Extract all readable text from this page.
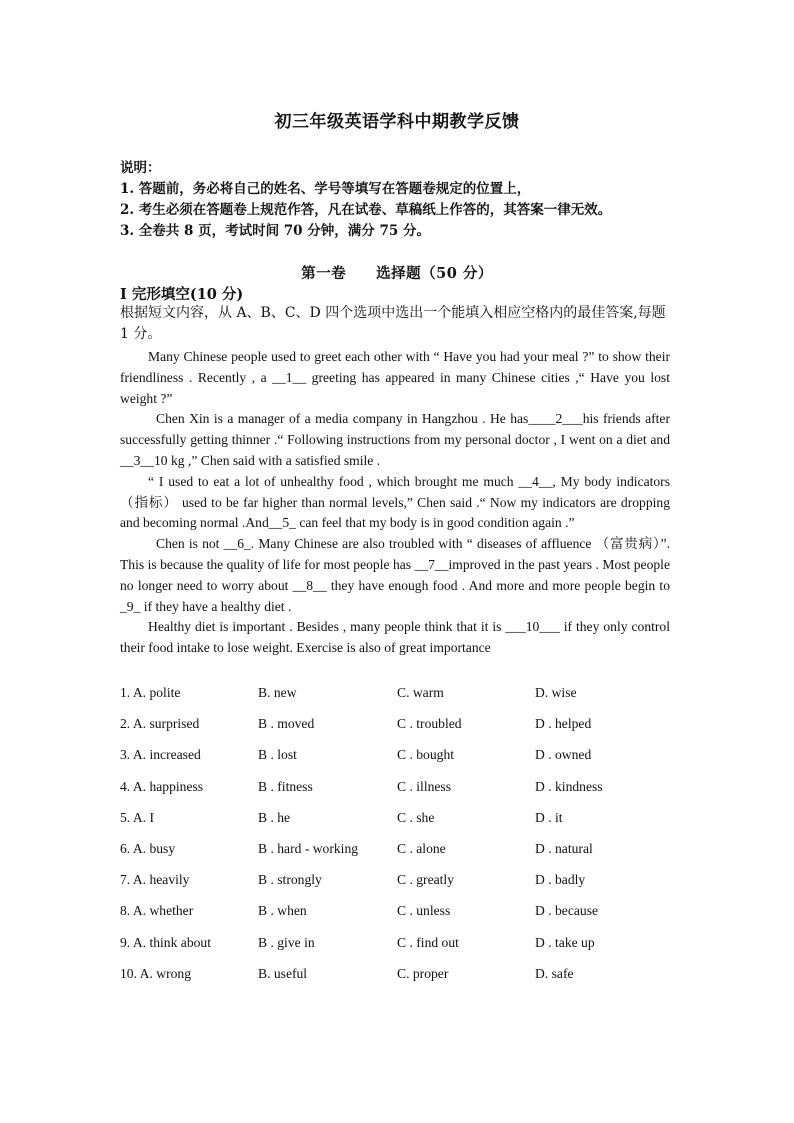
初三年级英语学科中期教学反馈
说明：
1. 答题前，务必将自己的姓名、学号等填写在答题卷规定的位置上，
2. 考生必须在答题卷上规范作答，凡在试卷、草稿纸上作答的，其答案一律无效。
3. 全卷共 8 页，考试时间 70 分钟，满分 75 分。
第一卷　　选择题（50 分）
I 完形填空(10 分)
根据短文内容，从 A、B、C、D 四个选项中选出一个能填入相应空格内的最佳答案,每题 1 分。

Many Chinese people used to greet each other with “ Have you had your meal ?” to show their friendliness . Recently , a __1__ greeting has appeared in many Chinese cities ,“ Have you lost weight ?”

Chen Xin is a manager of a media company in Hangzhou . He has____2___his friends after successfully getting thinner .“ Following instructions from my personal doctor , I went on a diet and __3__10 kg ,” Chen said with a satisfied smile .

“ I used to eat a lot of unhealthy food , which brought me much __4__, My body indicators （指标） used to be far higher than normal levels,” Chen said .“ Now my indicators are dropping and becoming normal .And__5_ can feel that my body is in good condition again .”

Chen is not __6_. Many Chinese are also troubled with “ diseases of affluence （富贵病）”. This is because the quality of life for most people has __7__improved in the past years . Most people no longer need to worry about __8__ they have enough food . And more and more people begin to _9_ if they have a healthy diet .

Healthy diet is important . Besides , many people think that it is ___10___ if they only control their food intake to lose weight. Exercise is also of great importance

1. A. polite	B. new	C. warm	D. wise
2. A. surprised	B . moved	C . troubled	D . helped
3. A. increased	B . lost	C . bought	D . owned
4. A. happiness	B . fitness	C . illness	D . kindness
5. A. I	B . he	C . she	D . it
6. A. busy	B . hard - working	C . alone	D . natural
7. A. heavily	B . strongly	C . greatly	D . badly
8. A. whether	B . when	C . unless	D . because
9. A. think about	B . give in	C . find out	D . take up
10. A. wrong	B. useful	C. proper	D. safe
